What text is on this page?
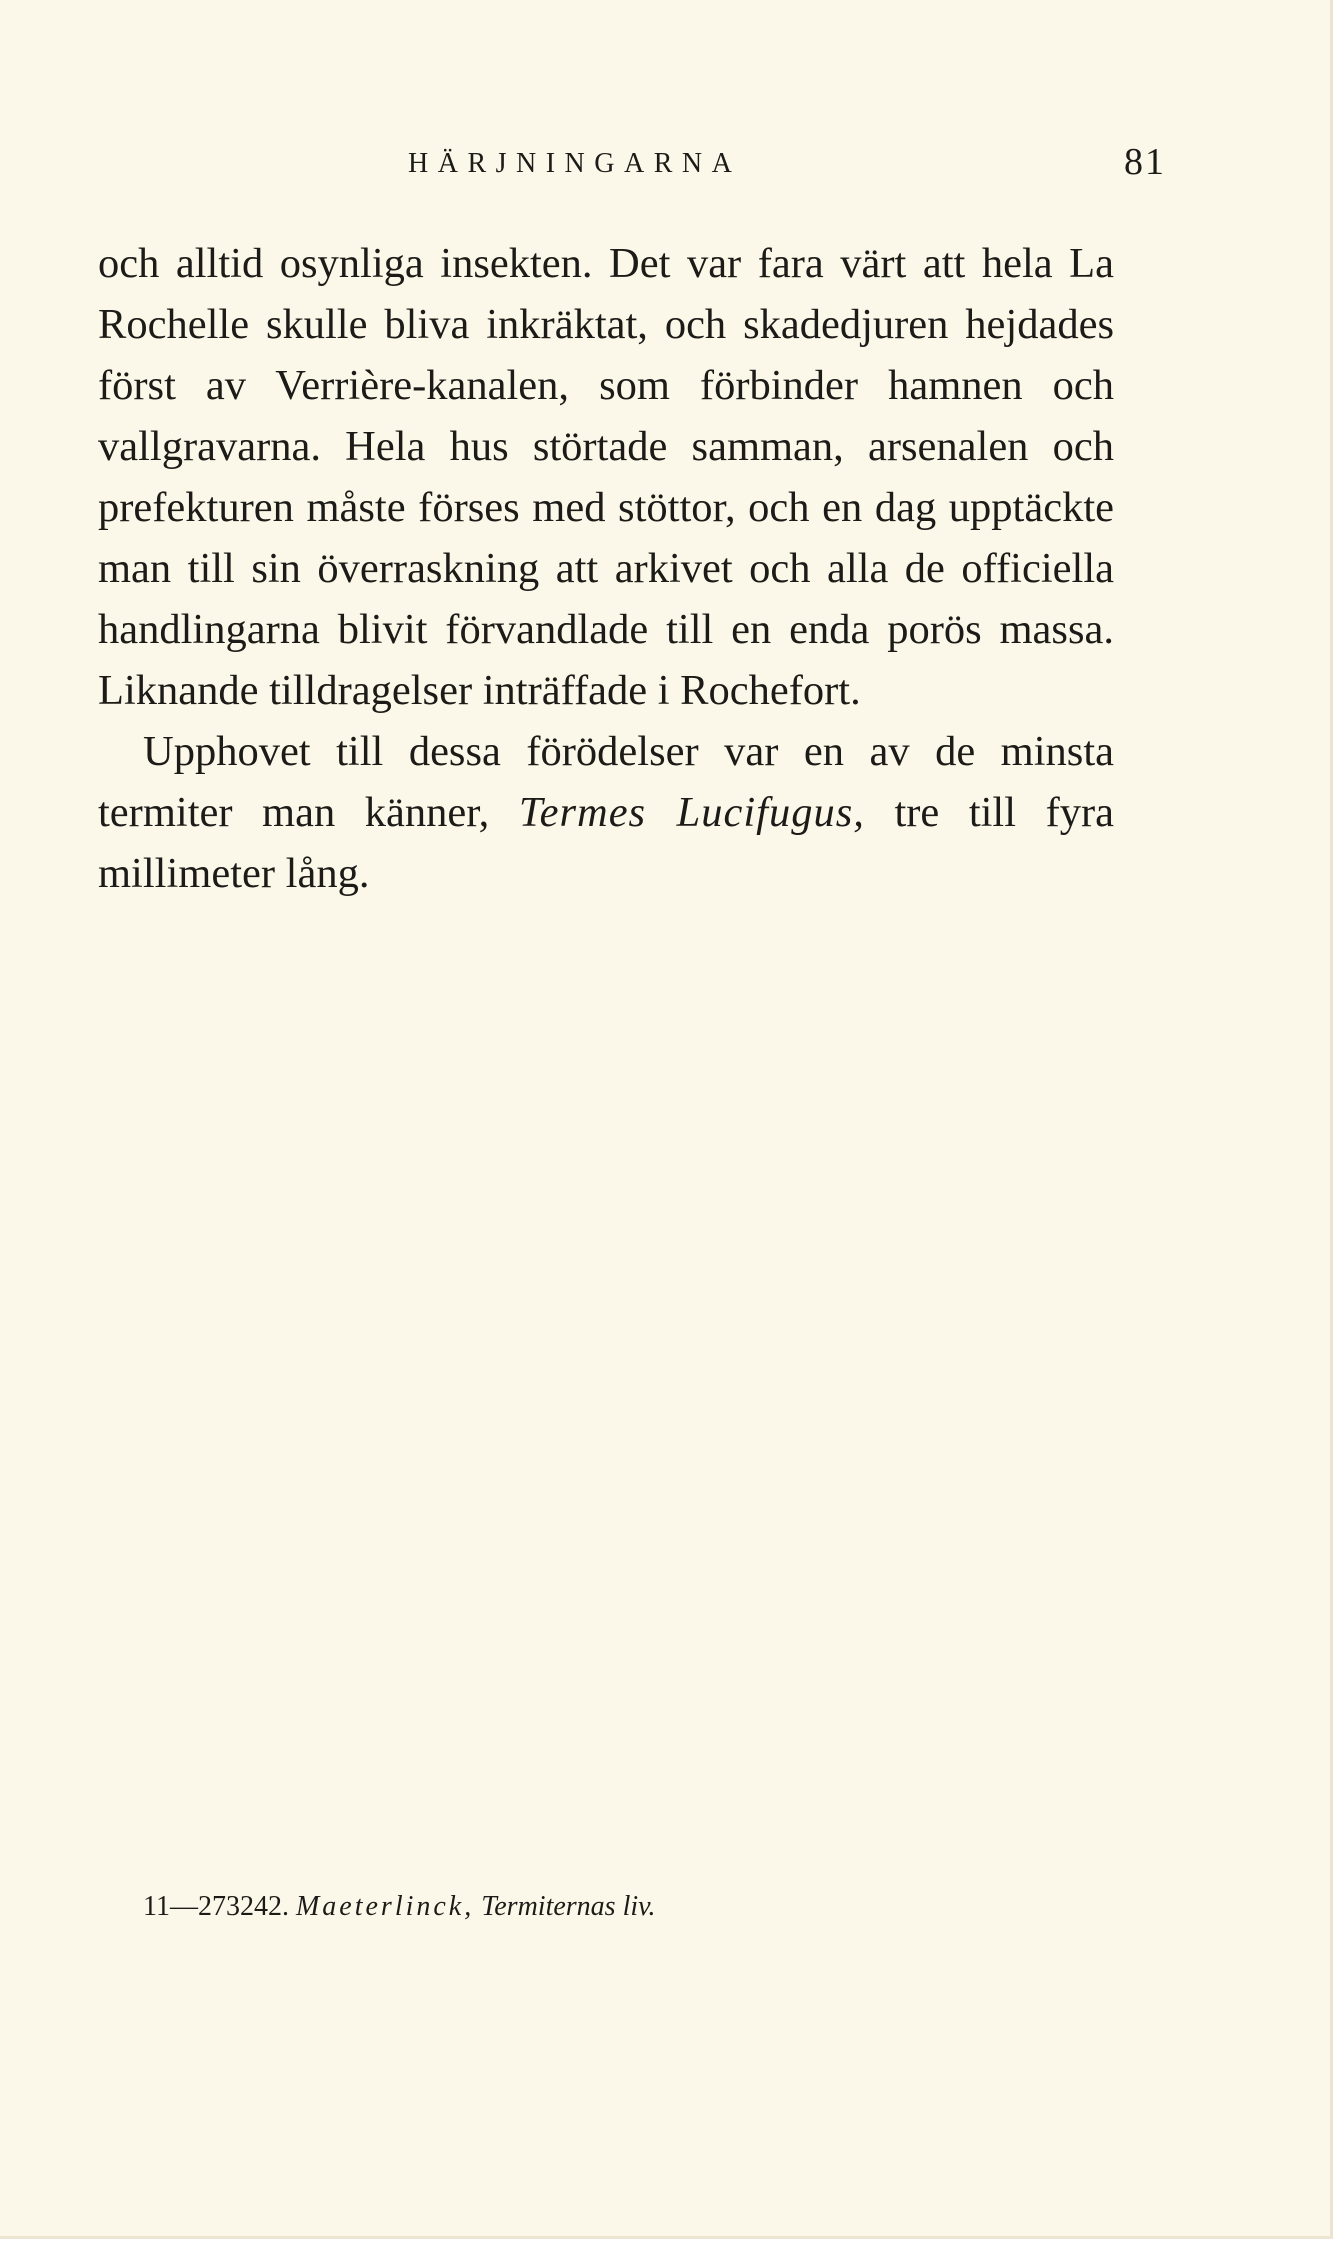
HÄRJNINGARNA	81

och alltid osynliga insekten. Det var fara värt att hela La Rochelle skulle bliva inkräktat, och skadedjuren hejdades först av Verrière-kanalen, som förbinder hamnen och vallgravarna. Hela hus störtade samman, arsenalen och prefekturen måste förses med stöttor, och en dag upptäckte man till sin överraskning att arkivet och alla de officiella handlingarna blivit förvandlade till en enda porös massa. Liknande tilldragelser inträffade i Rochefort.

Upphovet till dessa förödelser var en av de minsta termiter man känner, Termes Lucifugus, tre till fyra millimeter lång.

11—273242. Maeterlinck, Termiternas liv.
